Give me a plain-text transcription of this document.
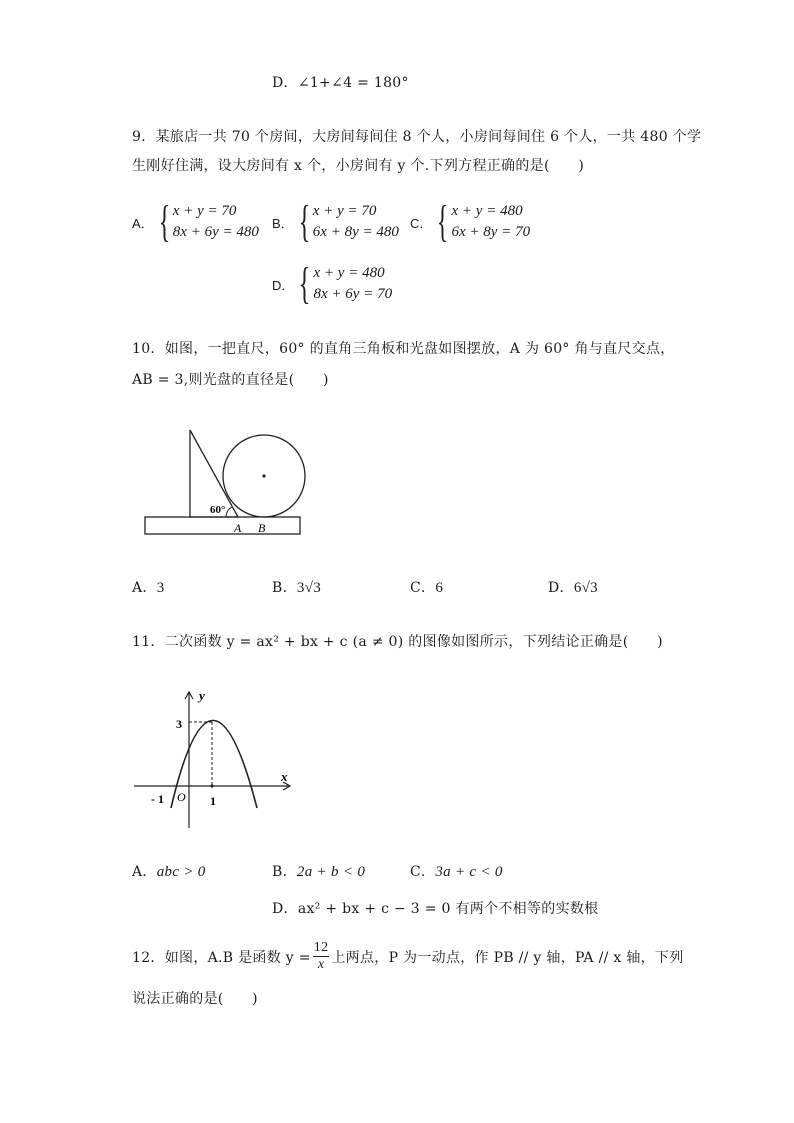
D．∠1+∠4 = 180°
9．某旅店一共 70 个房间，大房间每间住 8 个人，小房间每间住 6 个人，一共 480 个学
生刚好住满，设大房间有 x 个，小房间有 y 个.下列方程正确的是(　　)
A． { x + y = 70
8x + 6y = 480
B． { x + y = 70
6x + 8y = 480
C． { x + y = 480
6x + 8y = 70
D． { x + y = 480
8x + 6y = 70
10．如图，一把直尺，60° 的直角三角板和光盘如图摆放，A 为 60° 角与直尺交点，
AB = 3,则光盘的直径是(　　)
60°
A B
A．3	B．3√3	C．6	D．6√3
11．二次函数 y = ax² + bx + c (a ≠ 0) 的图像如图所示，下列结论正确是(　　)
y
x
3
O
- 1	1
A．abc > 0	B．2a + b < 0	C．3a + c < 0
D．ax² + bx + c − 3 = 0 有两个不相等的实数根
12．如图，A.B 是函数 $y = \frac{12}{x}$ 上两点，P 为一动点，作 PB // y 轴，PA // x 轴，下列
说法正确的是(　　)
